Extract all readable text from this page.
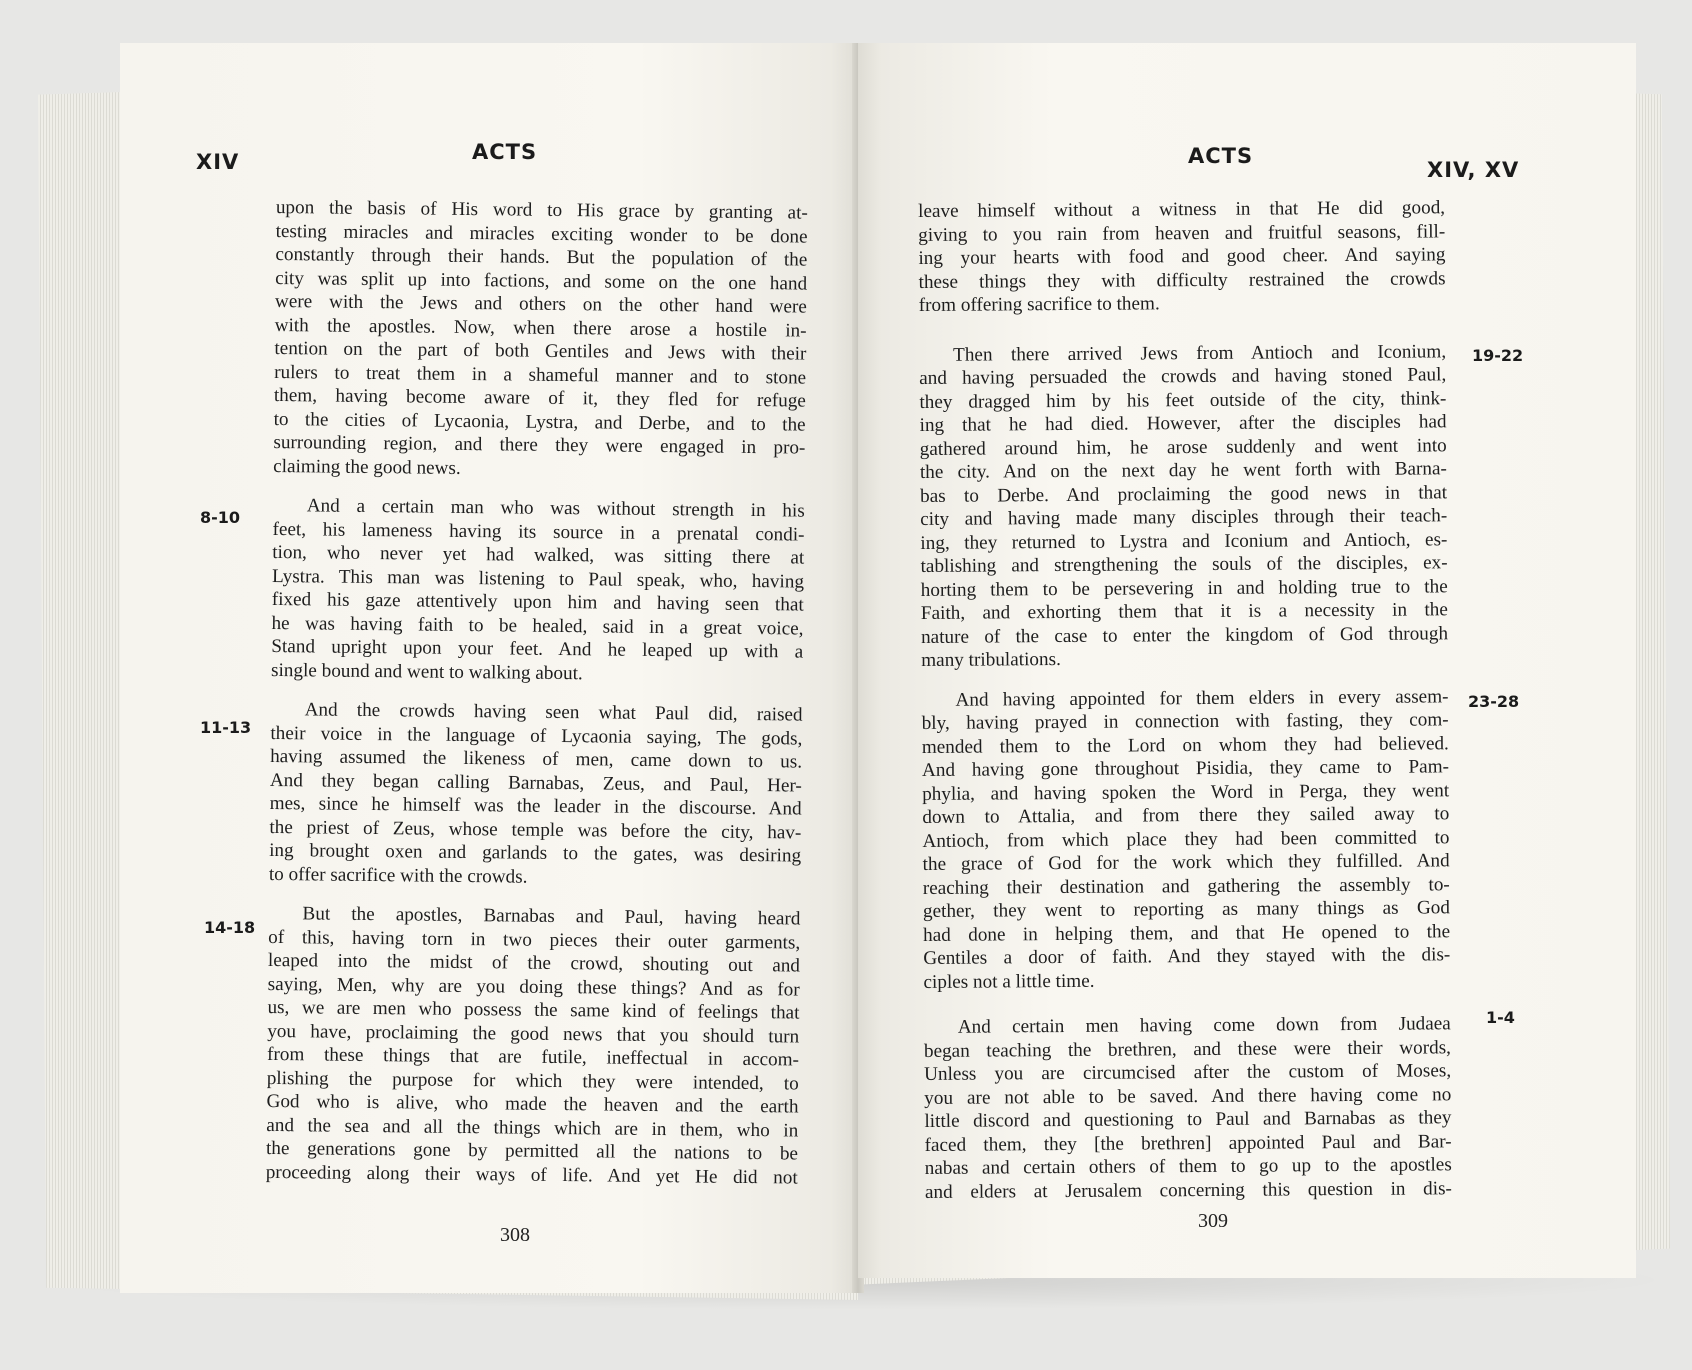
XIV	ACTS	ACTS
XIV, XV
8-10
11-13
14-18
19-22
23-28
1-4
upon the basis of His word to His grace by granting at-
testing miracles and miracles exciting wonder to be done
constantly through their hands. But the population of the
city was split up into factions, and some on the one hand
were with the Jews and others on the other hand were
with the apostles. Now, when there arose a hostile in-
tention on the part of both Gentiles and Jews with their
rulers to treat them in a shameful manner and to stone
them, having become aware of it, they fled for refuge
to the cities of Lycaonia, Lystra, and Derbe, and to the
surrounding region, and there they were engaged in pro-
claiming the good news.
And a certain man who was without strength in his
feet, his lameness having its source in a prenatal condi-
tion, who never yet had walked, was sitting there at
Lystra. This man was listening to Paul speak, who, having
fixed his gaze attentively upon him and having seen that
he was having faith to be healed, said in a great voice,
Stand upright upon your feet. And he leaped up with a
single bound and went to walking about.
And the crowds having seen what Paul did, raised
their voice in the language of Lycaonia saying, The gods,
having assumed the likeness of men, came down to us.
And they began calling Barnabas, Zeus, and Paul, Her-
mes, since he himself was the leader in the discourse. And
the priest of Zeus, whose temple was before the city, hav-
ing brought oxen and garlands to the gates, was desiring
to offer sacrifice with the crowds.
But the apostles, Barnabas and Paul, having heard
of this, having torn in two pieces their outer garments,
leaped into the midst of the crowd, shouting out and
saying, Men, why are you doing these things? And as for
us, we are men who possess the same kind of feelings that
you have, proclaiming the good news that you should turn
from these things that are futile, ineffectual in accom-
plishing the purpose for which they were intended, to
God who is alive, who made the heaven and the earth
and the sea and all the things which are in them, who in
the generations gone by permitted all the nations to be
proceeding along their ways of life. And yet He did not
leave himself without a witness in that He did good,
giving to you rain from heaven and fruitful seasons, fill-
ing your hearts with food and good cheer. And saying
these things they with difficulty restrained the crowds
from offering sacrifice to them.
Then there arrived Jews from Antioch and Iconium,
and having persuaded the crowds and having stoned Paul,
they dragged him by his feet outside of the city, think-
ing that he had died. However, after the disciples had
gathered around him, he arose suddenly and went into
the city. And on the next day he went forth with Barna-
bas to Derbe. And proclaiming the good news in that
city and having made many disciples through their teach-
ing, they returned to Lystra and Iconium and Antioch, es-
tablishing and strengthening the souls of the disciples, ex-
horting them to be persevering in and holding true to the
Faith, and exhorting them that it is a necessity in the
nature of the case to enter the kingdom of God through
many tribulations.
And having appointed for them elders in every assem-
bly, having prayed in connection with fasting, they com-
mended them to the Lord on whom they had believed.
And having gone throughout Pisidia, they came to Pam-
phylia, and having spoken the Word in Perga, they went
down to Attalia, and from there they sailed away to
Antioch, from which place they had been committed to
the grace of God for the work which they fulfilled. And
reaching their destination and gathering the assembly to-
gether, they went to reporting as many things as God
had done in helping them, and that He opened to the
Gentiles a door of faith. And they stayed with the dis-
ciples not a little time.
And certain men having come down from Judaea
began teaching the brethren, and these were their words,
Unless you are circumcised after the custom of Moses,
you are not able to be saved. And there having come no
little discord and questioning to Paul and Barnabas as they
faced them, they [the brethren] appointed Paul and Bar-
nabas and certain others of them to go up to the apostles
and elders at Jerusalem concerning this question in dis-
308
309
